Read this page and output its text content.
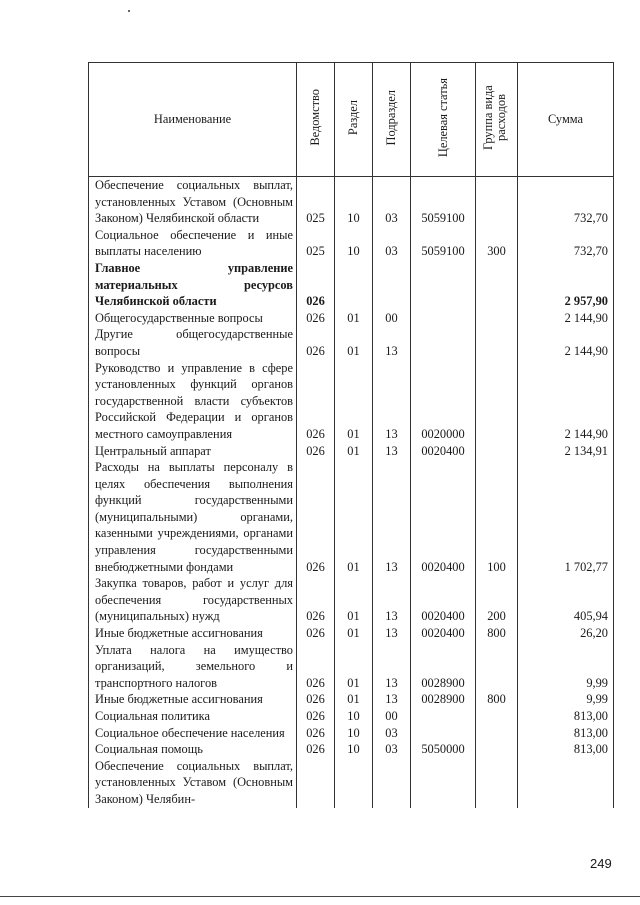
Наименование	Ведомство	Раздел	Подраздел	Целевая статья	Группа вида расходов	Сумма
Обеспечение социальных выплат, установленных Уставом (Основным Законом) Челябинской области	025	10	03	5059100		732,70
Социальное обеспечение и иные выплаты населению	025	10	03	5059100	300	732,70
Главное управление материальных ресурсов Челябинской области	026					2 957,90
Общегосударственные вопросы	026	01	00			2 144,90
Другие общегосударственные вопросы	026	01	13			2 144,90
Руководство и управление в сфере установленных функций органов государственной власти субъектов Российской Федерации и органов местного самоуправления	026	01	13	0020000		2 144,90
Центральный аппарат	026	01	13	0020400		2 134,91
Расходы на выплаты персоналу в целях обеспечения выполнения функций государственными (муниципальными) органами, казенными учреждениями, органами управления государственными внебюджетными фондами	026	01	13	0020400	100	1 702,77
Закупка товаров, работ и услуг для обеспечения государственных (муниципальных) нужд	026	01	13	0020400	200	405,94
Иные бюджетные ассигнования	026	01	13	0020400	800	26,20
Уплата налога на имущество организаций, земельного и транспортного налогов	026	01	13	0028900		9,99
Иные бюджетные ассигнования	026	01	13	0028900	800	9,99
Социальная политика	026	10	00			813,00
Социальное обеспечение населения	026	10	03			813,00
Социальная помощь	026	10	03	5050000		813,00
Обеспечение социальных выплат, установленных Уставом (Основным Законом) Челябин-						
249
